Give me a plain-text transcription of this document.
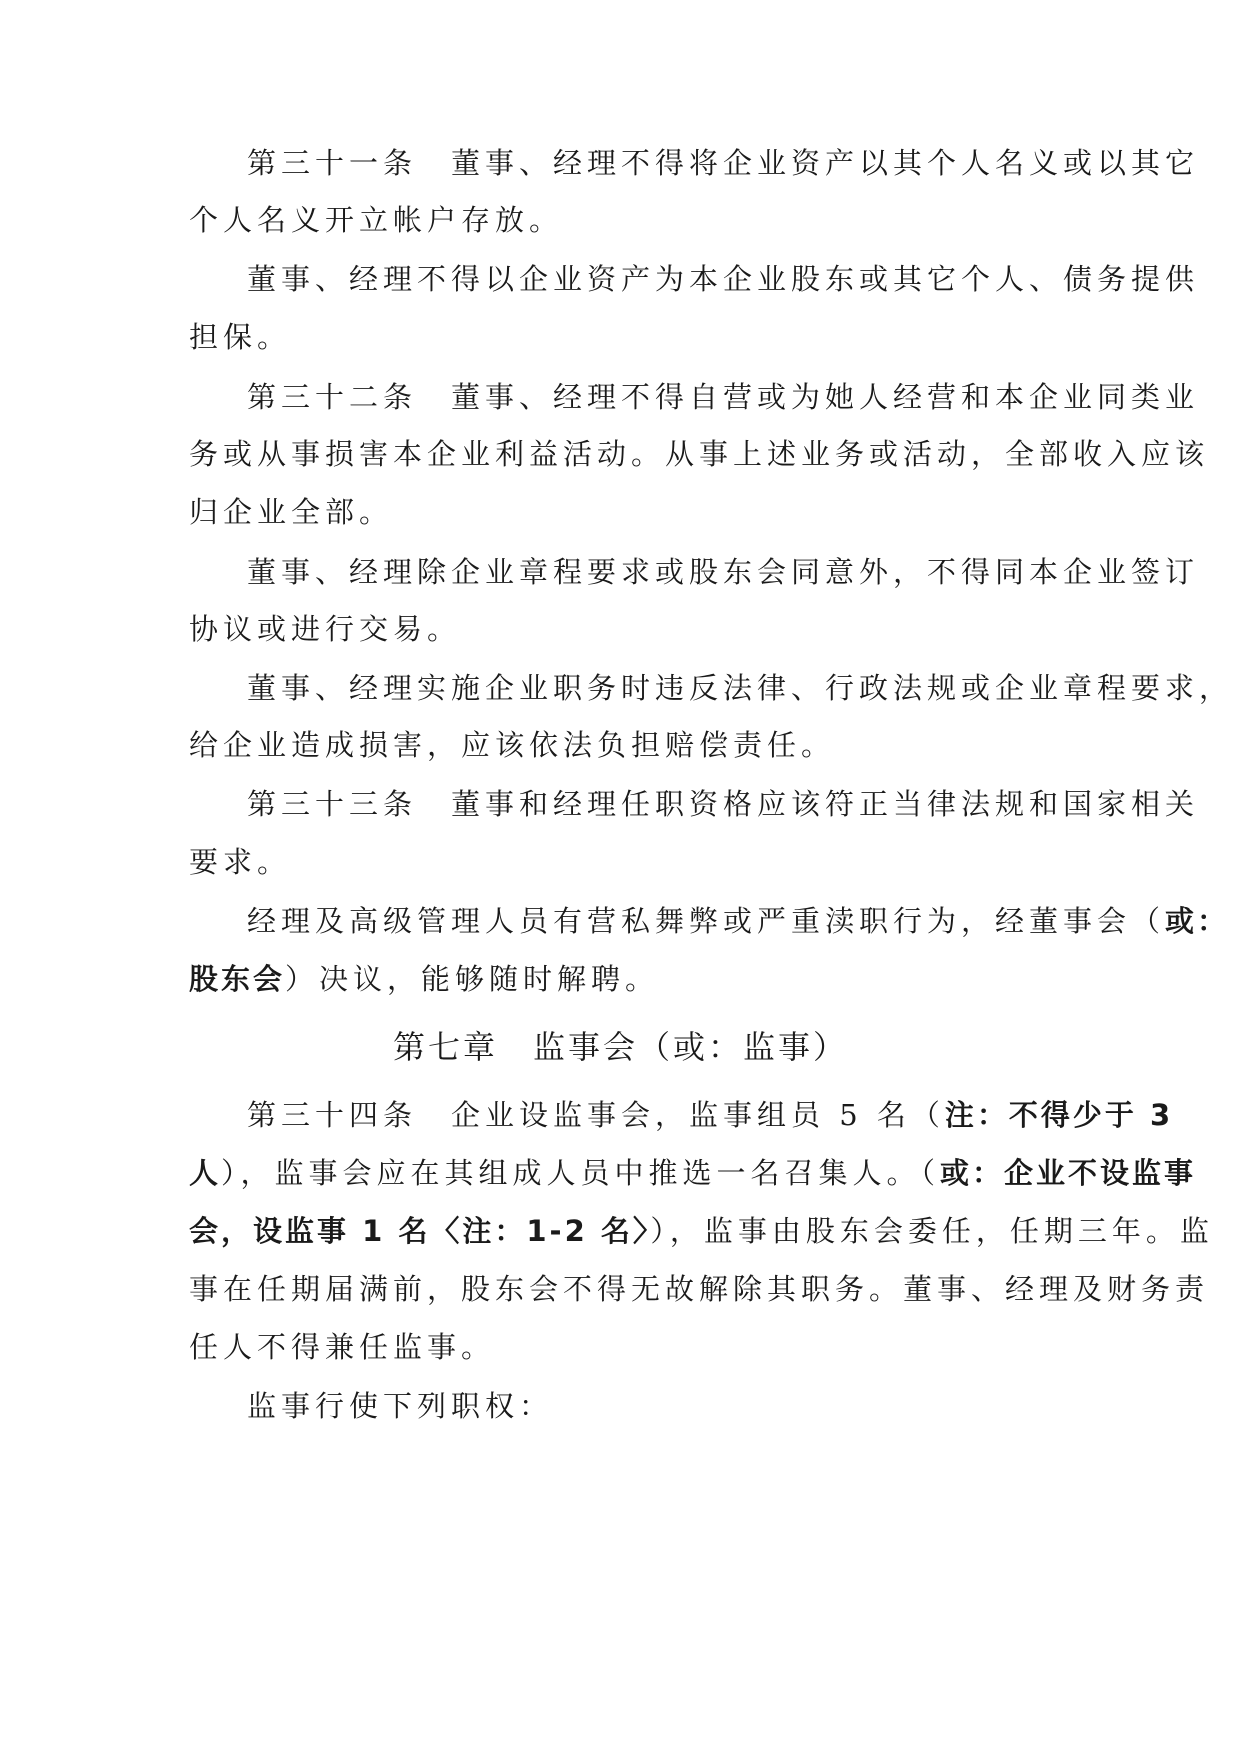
第三十一条　董事、经理不得将企业资产以其个人名义或以其它
个人名义开立帐户存放。
董事、经理不得以企业资产为本企业股东或其它个人、债务提供
担保。
第三十二条　董事、经理不得自营或为她人经营和本企业同类业
务或从事损害本企业利益活动。从事上述业务或活动，全部收入应该
归企业全部。
董事、经理除企业章程要求或股东会同意外，不得同本企业签订
协议或进行交易。
董事、经理实施企业职务时违反法律、行政法规或企业章程要求，
给企业造成损害，应该依法负担赔偿责任。
第三十三条　董事和经理任职资格应该符正当律法规和国家相关
要求。
经理及高级管理人员有营私舞弊或严重渎职行为，经董事会（或：
股东会）决议，能够随时解聘。
第七章　监事会（或：监事）
第三十四条　企业设监事会，监事组员 5 名（注：不得少于 3
人），监事会应在其组成人员中推选一名召集人。（或：企业不设监事
会，设监事 1 名〈注：1-2 名〉），监事由股东会委任，任期三年。监
事在任期届满前，股东会不得无故解除其职务。董事、经理及财务责
任人不得兼任监事。
监事行使下列职权：
